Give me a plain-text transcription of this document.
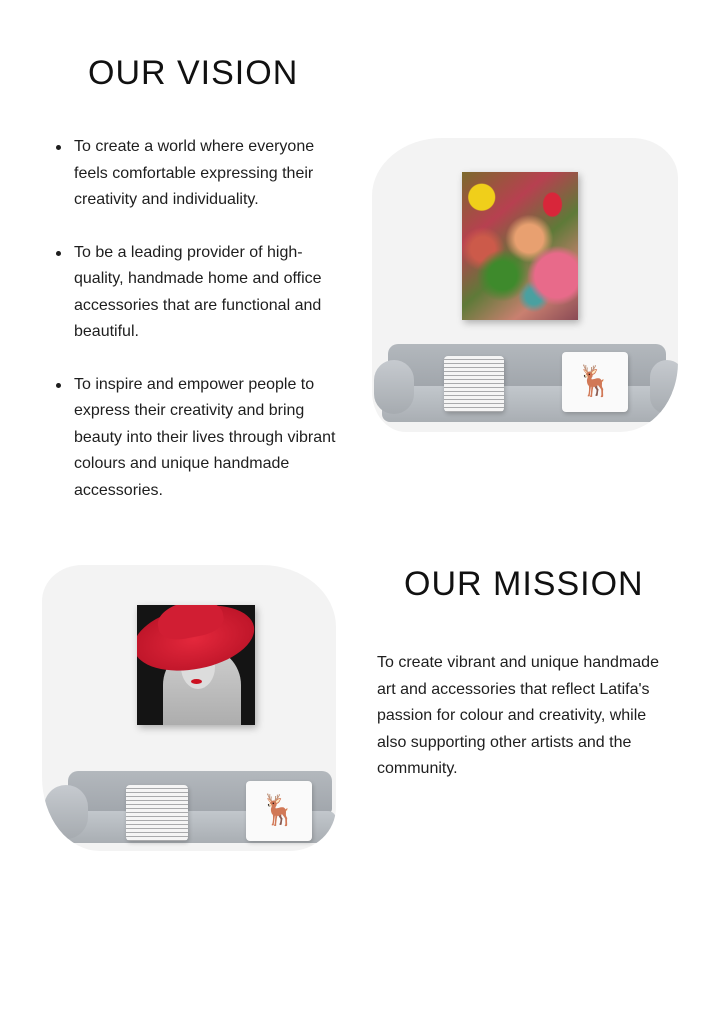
OUR VISION
To create a world where everyone feels comfortable expressing their creativity and individuality.
To be a leading provider of high-quality, handmade home and office accessories that are functional and beautiful.
To inspire and empower people to express their creativity and bring beauty into their lives through vibrant colours and unique handmade accessories.
🦌
🦌
OUR MISSION

To create vibrant and unique handmade art and accessories that reflect Latifa's passion for colour and creativity, while also supporting other artists and the community.
